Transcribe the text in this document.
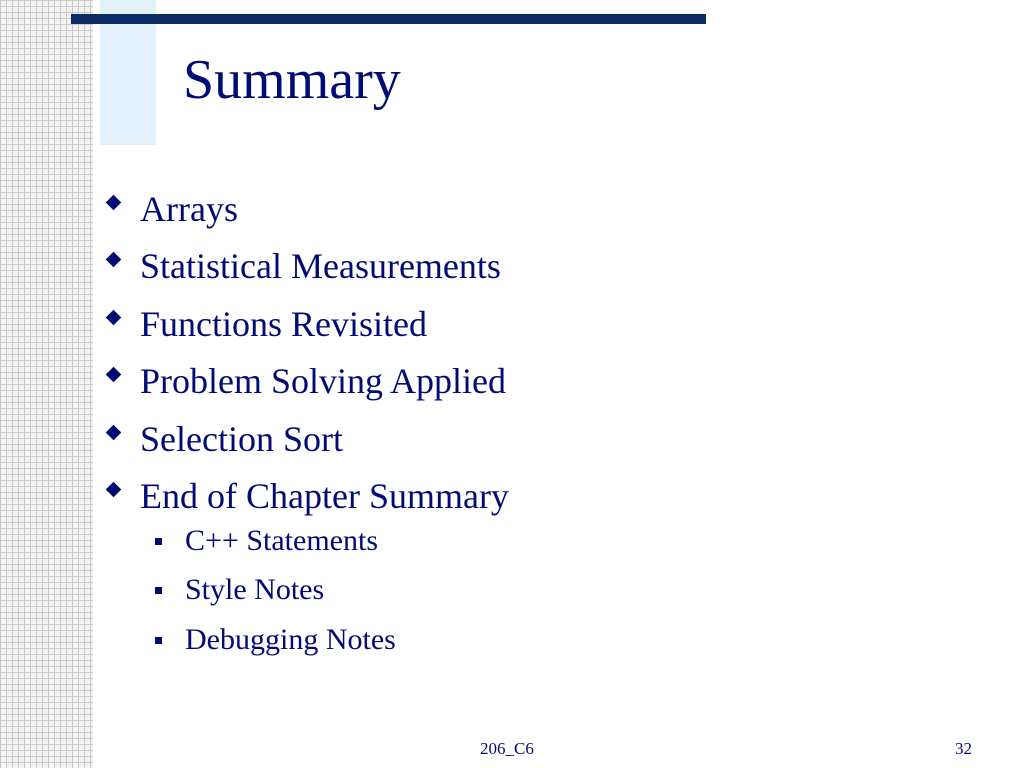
Summary
Arrays
Statistical Measurements
Functions Revisited
Problem Solving Applied
Selection Sort
End of Chapter Summary
C++ Statements
Style Notes
Debugging Notes
206_C6	32
